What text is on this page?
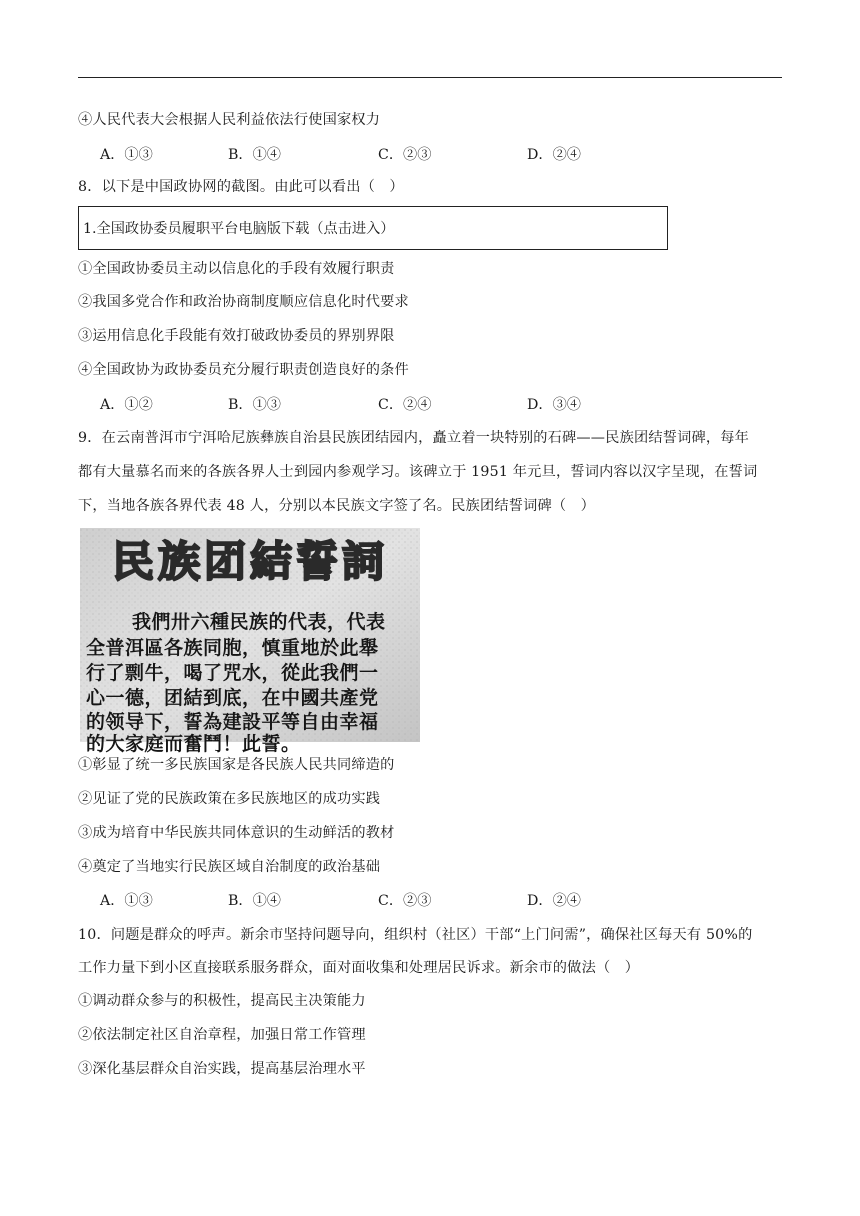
④人民代表大会根据人民利益依法行使国家权力
A．①③	B．①④	C．②③	D．②④
8．以下是中国政协网的截图。由此可以看出（　）
1.全国政协委员履职平台电脑版下载（点击进入）
①全国政协委员主动以信息化的手段有效履行职责
②我国多党合作和政治协商制度顺应信息化时代要求
③运用信息化手段能有效打破政协委员的界别界限
④全国政协为政协委员充分履行职责创造良好的条件
A．①②	B．①③	C．②④	D．③④
9．在云南普洱市宁洱哈尼族彝族自治县民族团结园内，矗立着一块特别的石碑——民族团结誓词碑，每年
都有大量慕名而来的各族各界人士到园内参观学习。该碑立于 1951 年元旦，誓词内容以汉字呈现，在誓词
下，当地各族各界代表 48 人，分别以本民族文字签了名。民族团结誓词碑（　）
民族团結誓詞
我們卅六種民族的代表，代表
全普洱區各族同胞，慎重地於此舉
行了剽牛，喝了咒水，從此我們一
心一德，团結到底，在中國共產党
的领导下，誓為建設平等自由幸福
的大家庭而奮鬥！此誓。
①彰显了统一多民族国家是各民族人民共同缔造的
②见证了党的民族政策在多民族地区的成功实践
③成为培育中华民族共同体意识的生动鲜活的教材
④奠定了当地实行民族区域自治制度的政治基础
A．①③	B．①④	C．②③	D．②④
10．问题是群众的呼声。新余市坚持问题导向，组织村（社区）干部“上门问需”，确保社区每天有 50%的
工作力量下到小区直接联系服务群众，面对面收集和处理居民诉求。新余市的做法（　）
①调动群众参与的积极性，提高民主决策能力
②依法制定社区自治章程，加强日常工作管理
③深化基层群众自治实践，提高基层治理水平
